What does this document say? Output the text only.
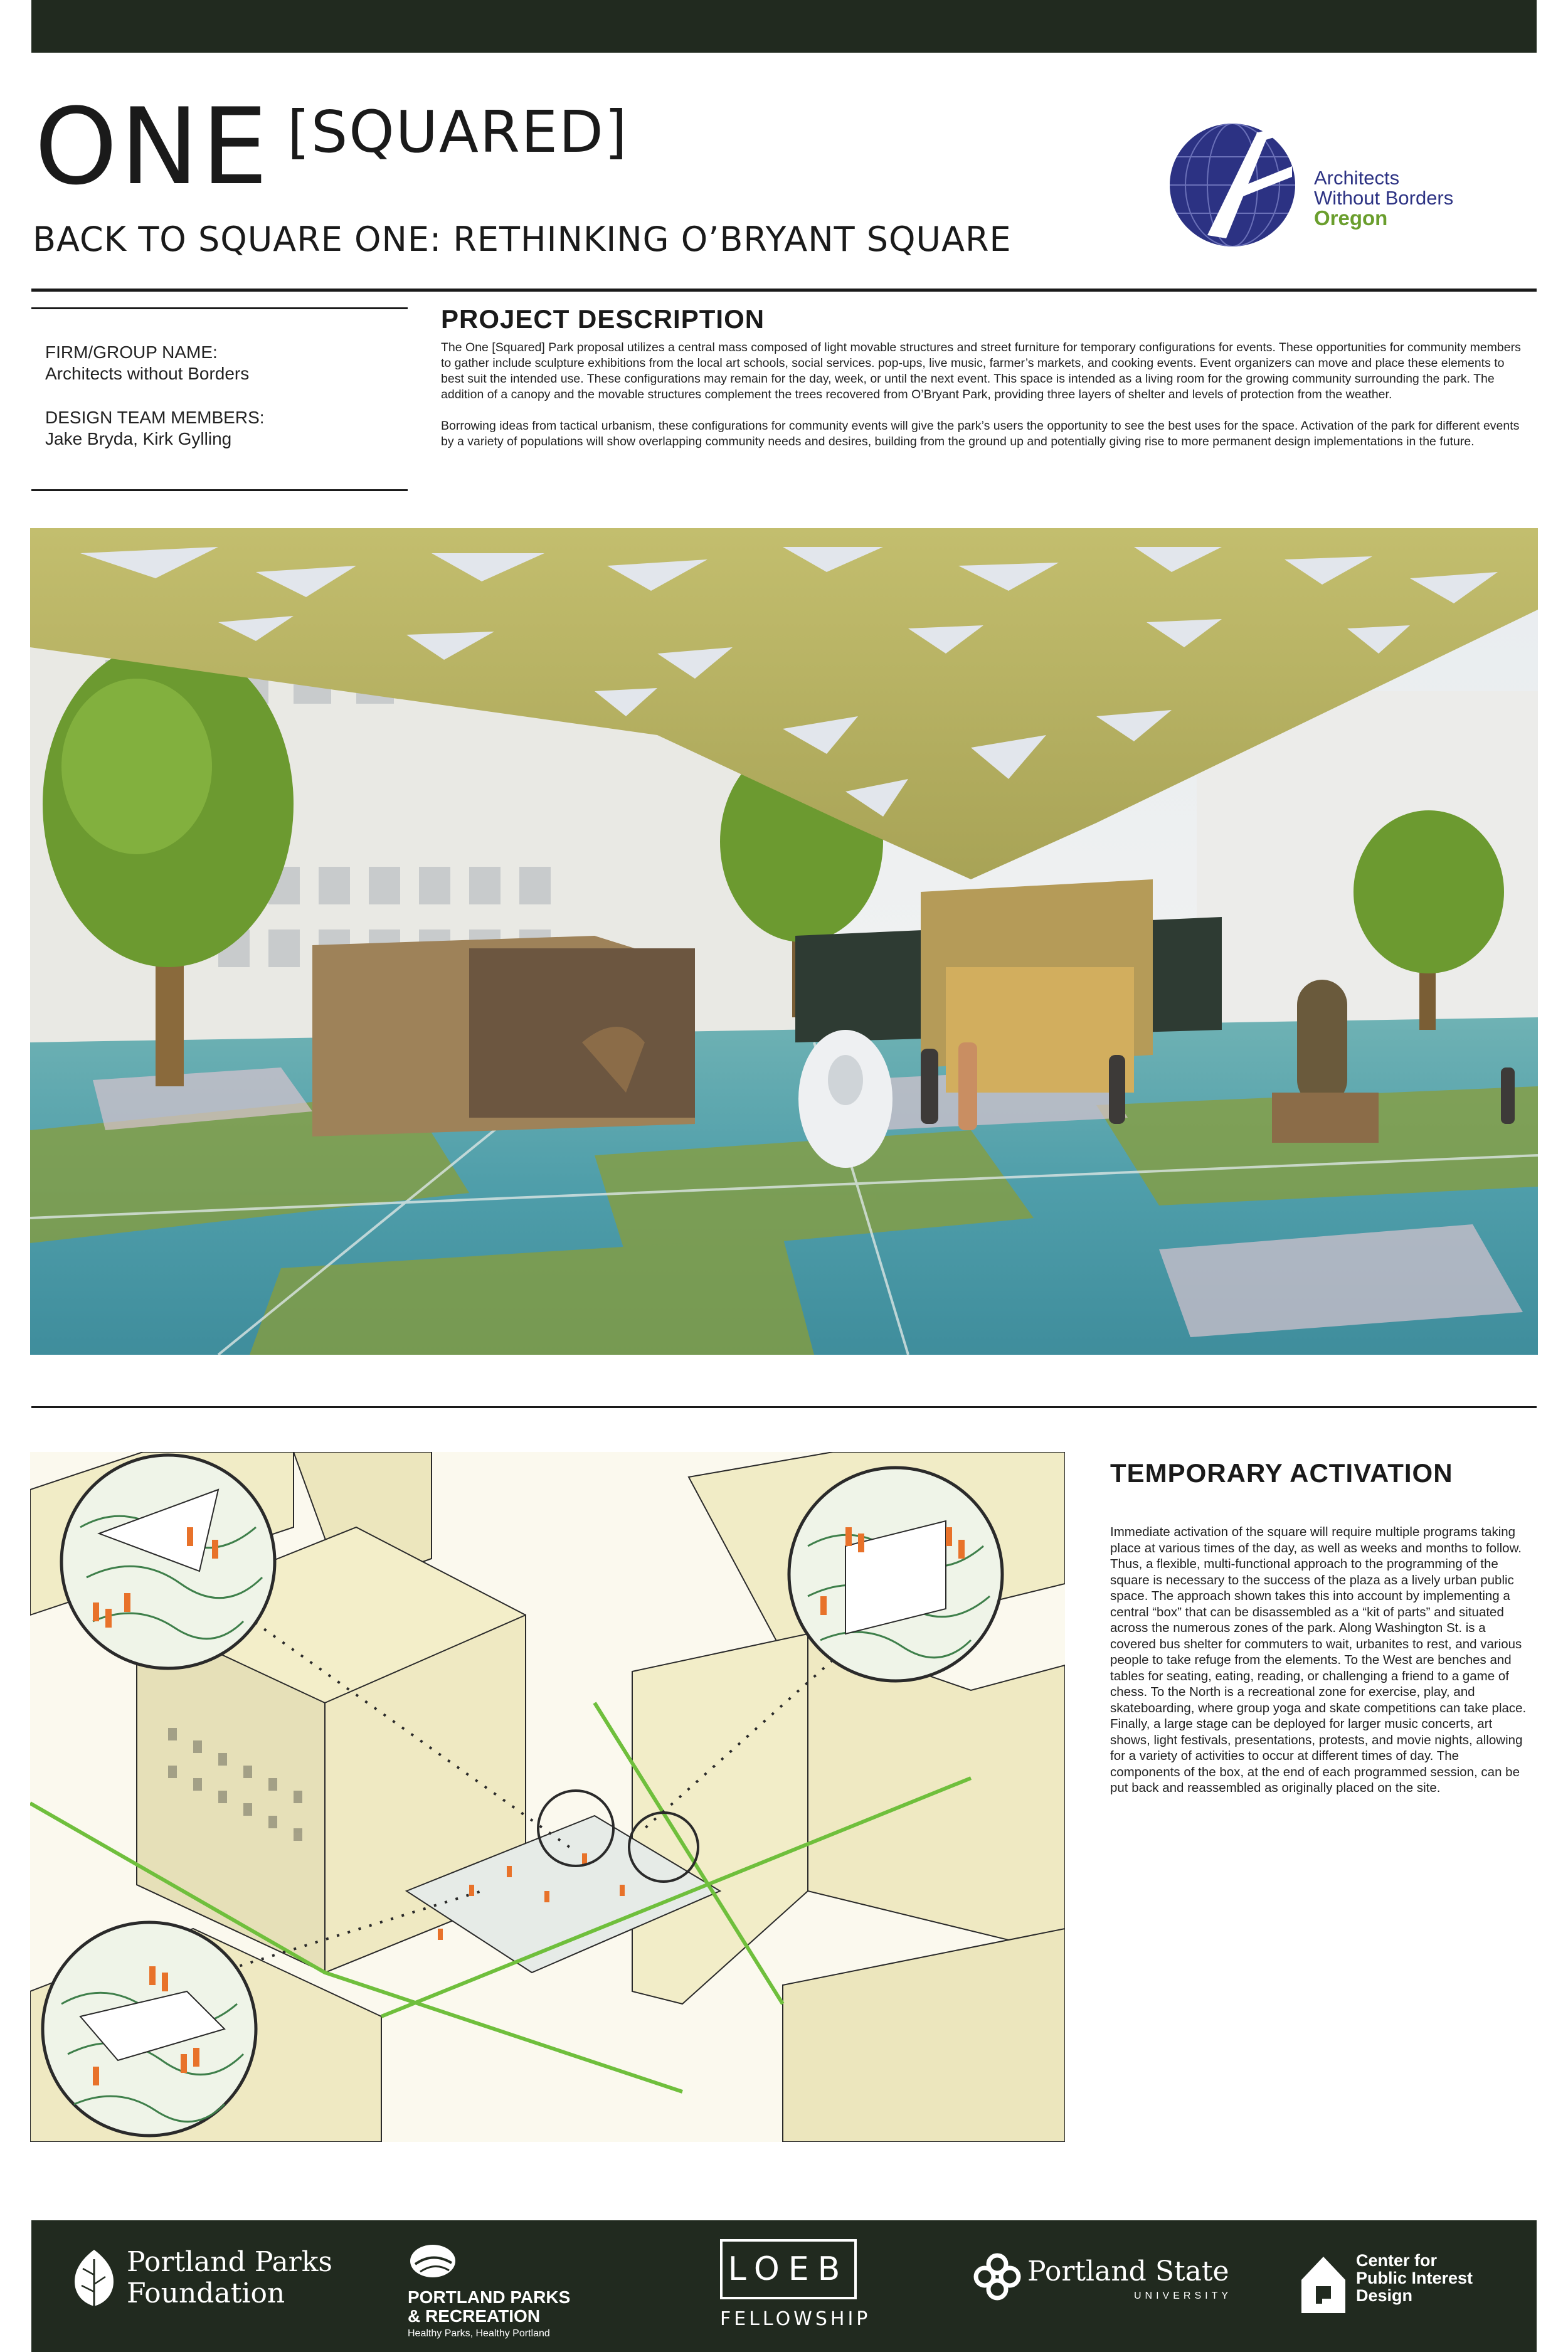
ONE [SQUARED]
BACK TO SQUARE ONE: RETHINKING O’BRYANT SQUARE
Architects
Without Borders
Oregon
FIRM/GROUP NAME:
Architects without Borders
DESIGN TEAM MEMBERS:
Jake Bryda, Kirk Gylling
PROJECT DESCRIPTION

The One [Squared] Park proposal utilizes a central mass composed of light movable structures and street furniture for temporary configurations for events. These opportunities for community members to gather include sculpture exhibitions from the local art schools, social services. pop-ups, live music, farmer’s markets, and cooking events. Event organizers can move and place these elements to best suit the intended use. These configurations may remain for the day, week, or until the next event. This space is intended as a living room for the growing community surrounding the park. The addition of a canopy and the movable structures complement the trees recovered from O’Bryant Park, providing three layers of shelter and levels of protection from the weather.

Borrowing ideas from tactical urbanism, these configurations for community events will give the park’s users the opportunity to see the best uses for the space. Activation of the park for different events by a variety of populations will show overlapping community needs and desires, building from the ground up and potentially giving rise to more permanent design implementations in the future.

TEMPORARY ACTIVATION
Immediate activation of the square will require multiple programs taking place at various times of the day, as well as weeks and months to follow. Thus, a flexible, multi-functional approach to the programming of the square is necessary to the success of the plaza as a lively urban public space. The approach shown takes this into account by implementing a central “box” that can be disassembled as a “kit of parts” and situated across the numerous zones of the park. Along Washington St. is a covered bus shelter for commuters to wait, urbanites to rest, and various people to take refuge from the elements. To the West are benches and tables for seating, eating, reading, or challenging a friend to a game of chess. To the North is a recreational zone for exercise, play, and skateboarding, where group yoga and skate competitions can take place. Finally, a large stage can be deployed for larger music concerts, art shows, light festivals, presentations, protests, and movie nights, allowing for a variety of activities to occur at different times of day. The components of the box, at the end of each programmed session, can be put back and reassembled as originally placed on the site.
Portland Parks
Foundation	PORTLAND PARKS
& RECREATION
Healthy Parks, Healthy Portland
LOEB
FELLOWSHIP
Portland State
UNIVERSITY
Center for
Public Interest
Design
